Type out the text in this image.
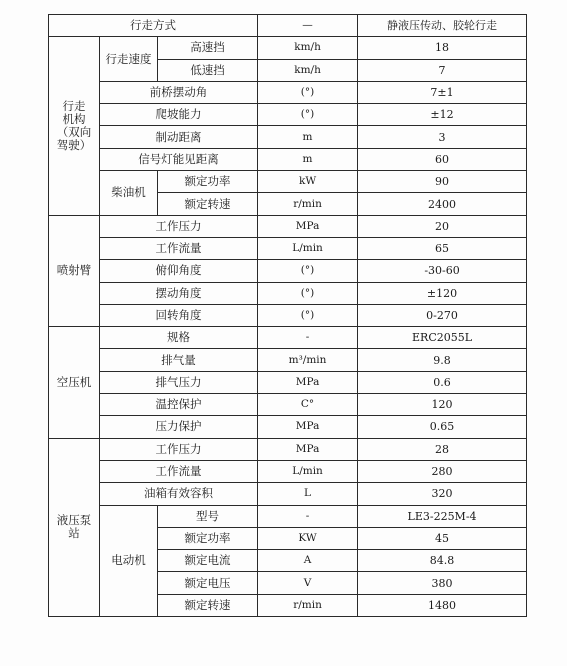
行走方式			—	静液压传动、胶轮行走

行走
机构
（双向
驾驶）	行走速度	高速挡	km/h	18
		低速挡	km/h	7
	前桥摆动角		(°)	7±1
	爬坡能力		(°)	±12
	制动距离		m	3
	信号灯能见距离		m	60
	柴油机	额定功率	kW	90
		额定转速	r/min	2400
喷射臂	工作压力		MPa	20
	工作流量		L/min	65
	俯仰角度		(°)	-30-60
	摆动角度		(°)	±120
	回转角度		(°)	0-270
空压机	规格		-	ERC2055L
	排气量		m³/min	9.8
	排气压力		MPa	0.6
	温控保护		C°	120
	压力保护		MPa	0.65

液压泵
站	工作压力		MPa	28
	工作流量		L/min	280
	油箱有效容积		L	320
	电动机	型号	-	LE3-225M-4
		额定功率	KW	45
		额定电流	A	84.8
		额定电压	V	380
		额定转速	r/min	1480
